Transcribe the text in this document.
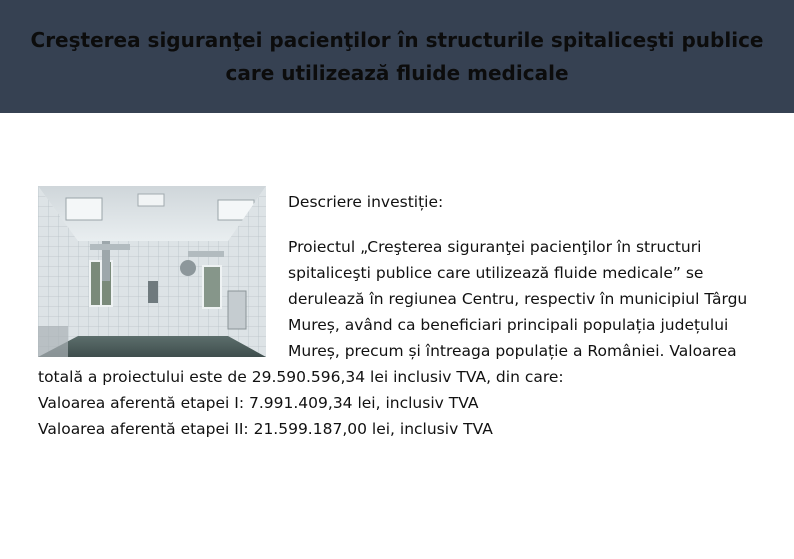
Creşterea siguranţei pacienţilor în structurile spitaliceşti publice care utilizează fluide medicale
Descriere investiție:

Proiectul „Creşterea siguranţei pacienţilor în structuri spitaliceşti publice care utilizează fluide medicale” se derulează în regiunea Centru, respectiv în municipiul Târgu Mureș, având ca beneficiari principali populația județului Mureș, precum și întreaga populație a României. Valoarea totală a proiectului este de 29.590.596,34 lei inclusiv TVA, din care:

Valoarea aferentă etapei I: 7.991.409,34 lei, inclusiv TVA
Valoarea aferentă etapei II: 21.599.187,00 lei, inclusiv TVA
